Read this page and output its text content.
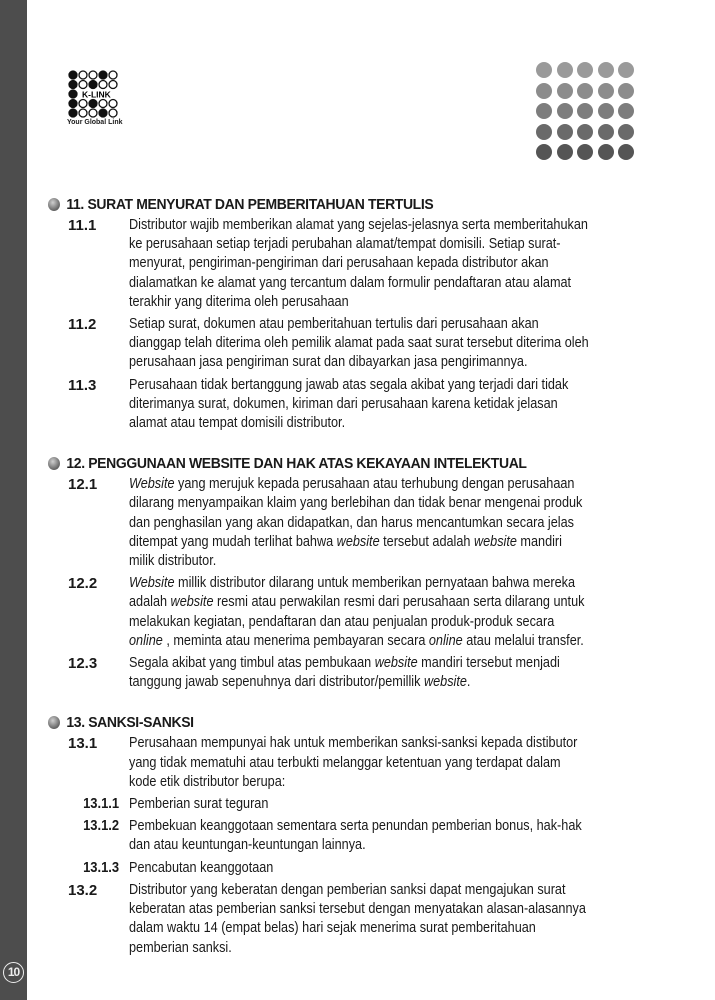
10
K-LINK
Your Global Link
11. SURAT MENYURAT DAN PEMBERITAHUAN TERTULIS
11.1	Distributor wajib memberikan alamat yang sejelas-jelasnya serta memberitahukan
ke perusahaan setiap terjadi perubahan alamat/tempat domisili. Setiap surat-
menyurat, pengiriman-pengiriman dari perusahaan kepada distributor akan
dialamatkan ke alamat yang tercantum dalam formulir pendaftaran atau alamat
terakhir yang diterima oleh perusahaan
11.2	Setiap surat, dokumen atau pemberitahuan tertulis dari perusahaan akan
dianggap telah diterima oleh pemilik alamat pada saat surat tersebut diterima oleh
perusahaan jasa pengiriman surat dan dibayarkan jasa pengirimannya.
11.3	Perusahaan tidak bertanggung jawab atas segala akibat yang terjadi dari tidak
diterimanya surat, dokumen, kiriman dari perusahaan karena ketidak jelasan
alamat atau tempat domisili distributor.
12. PENGGUNAAN WEBSITE DAN HAK ATAS KEKAYAAN INTELEKTUAL
12.1	Website yang merujuk kepada perusahaan atau terhubung dengan perusahaan
dilarang menyampaikan klaim yang berlebihan dan tidak benar mengenai produk
dan penghasilan yang akan didapatkan, dan harus mencantumkan secara jelas
ditempat yang mudah terlihat bahwa website tersebut adalah website mandiri
milik distributor.
12.2	Website millik distributor dilarang untuk memberikan pernyataan bahwa mereka
adalah website resmi atau perwakilan resmi dari perusahaan serta dilarang untuk
melakukan kegiatan, pendaftaran dan atau penjualan produk-produk secara
online , meminta atau menerima pembayaran secara online atau melalui transfer.
12.3	Segala akibat yang timbul atas pembukaan website mandiri tersebut menjadi
tanggung jawab sepenuhnya dari distributor/pemillik website.
13. SANKSI-SANKSI
13.1	Perusahaan mempunyai hak untuk memberikan sanksi-sanksi kepada distibutor
yang tidak mematuhi atau terbukti melanggar ketentuan yang terdapat dalam
kode etik distributor berupa:
13.1.1 Pemberian surat teguran
13.1.2 Pembekuan keanggotaan sementara serta penundan pemberian bonus, hak-hak
dan atau keuntungan-keuntungan lainnya.
13.1.3 Pencabutan keanggotaan
13.2	Distributor yang keberatan dengan pemberian sanksi dapat mengajukan surat
keberatan atas pemberian sanksi tersebut dengan menyatakan alasan-alasannya
dalam waktu 14 (empat belas) hari sejak menerima surat pemberitahuan
pemberian sanksi.
